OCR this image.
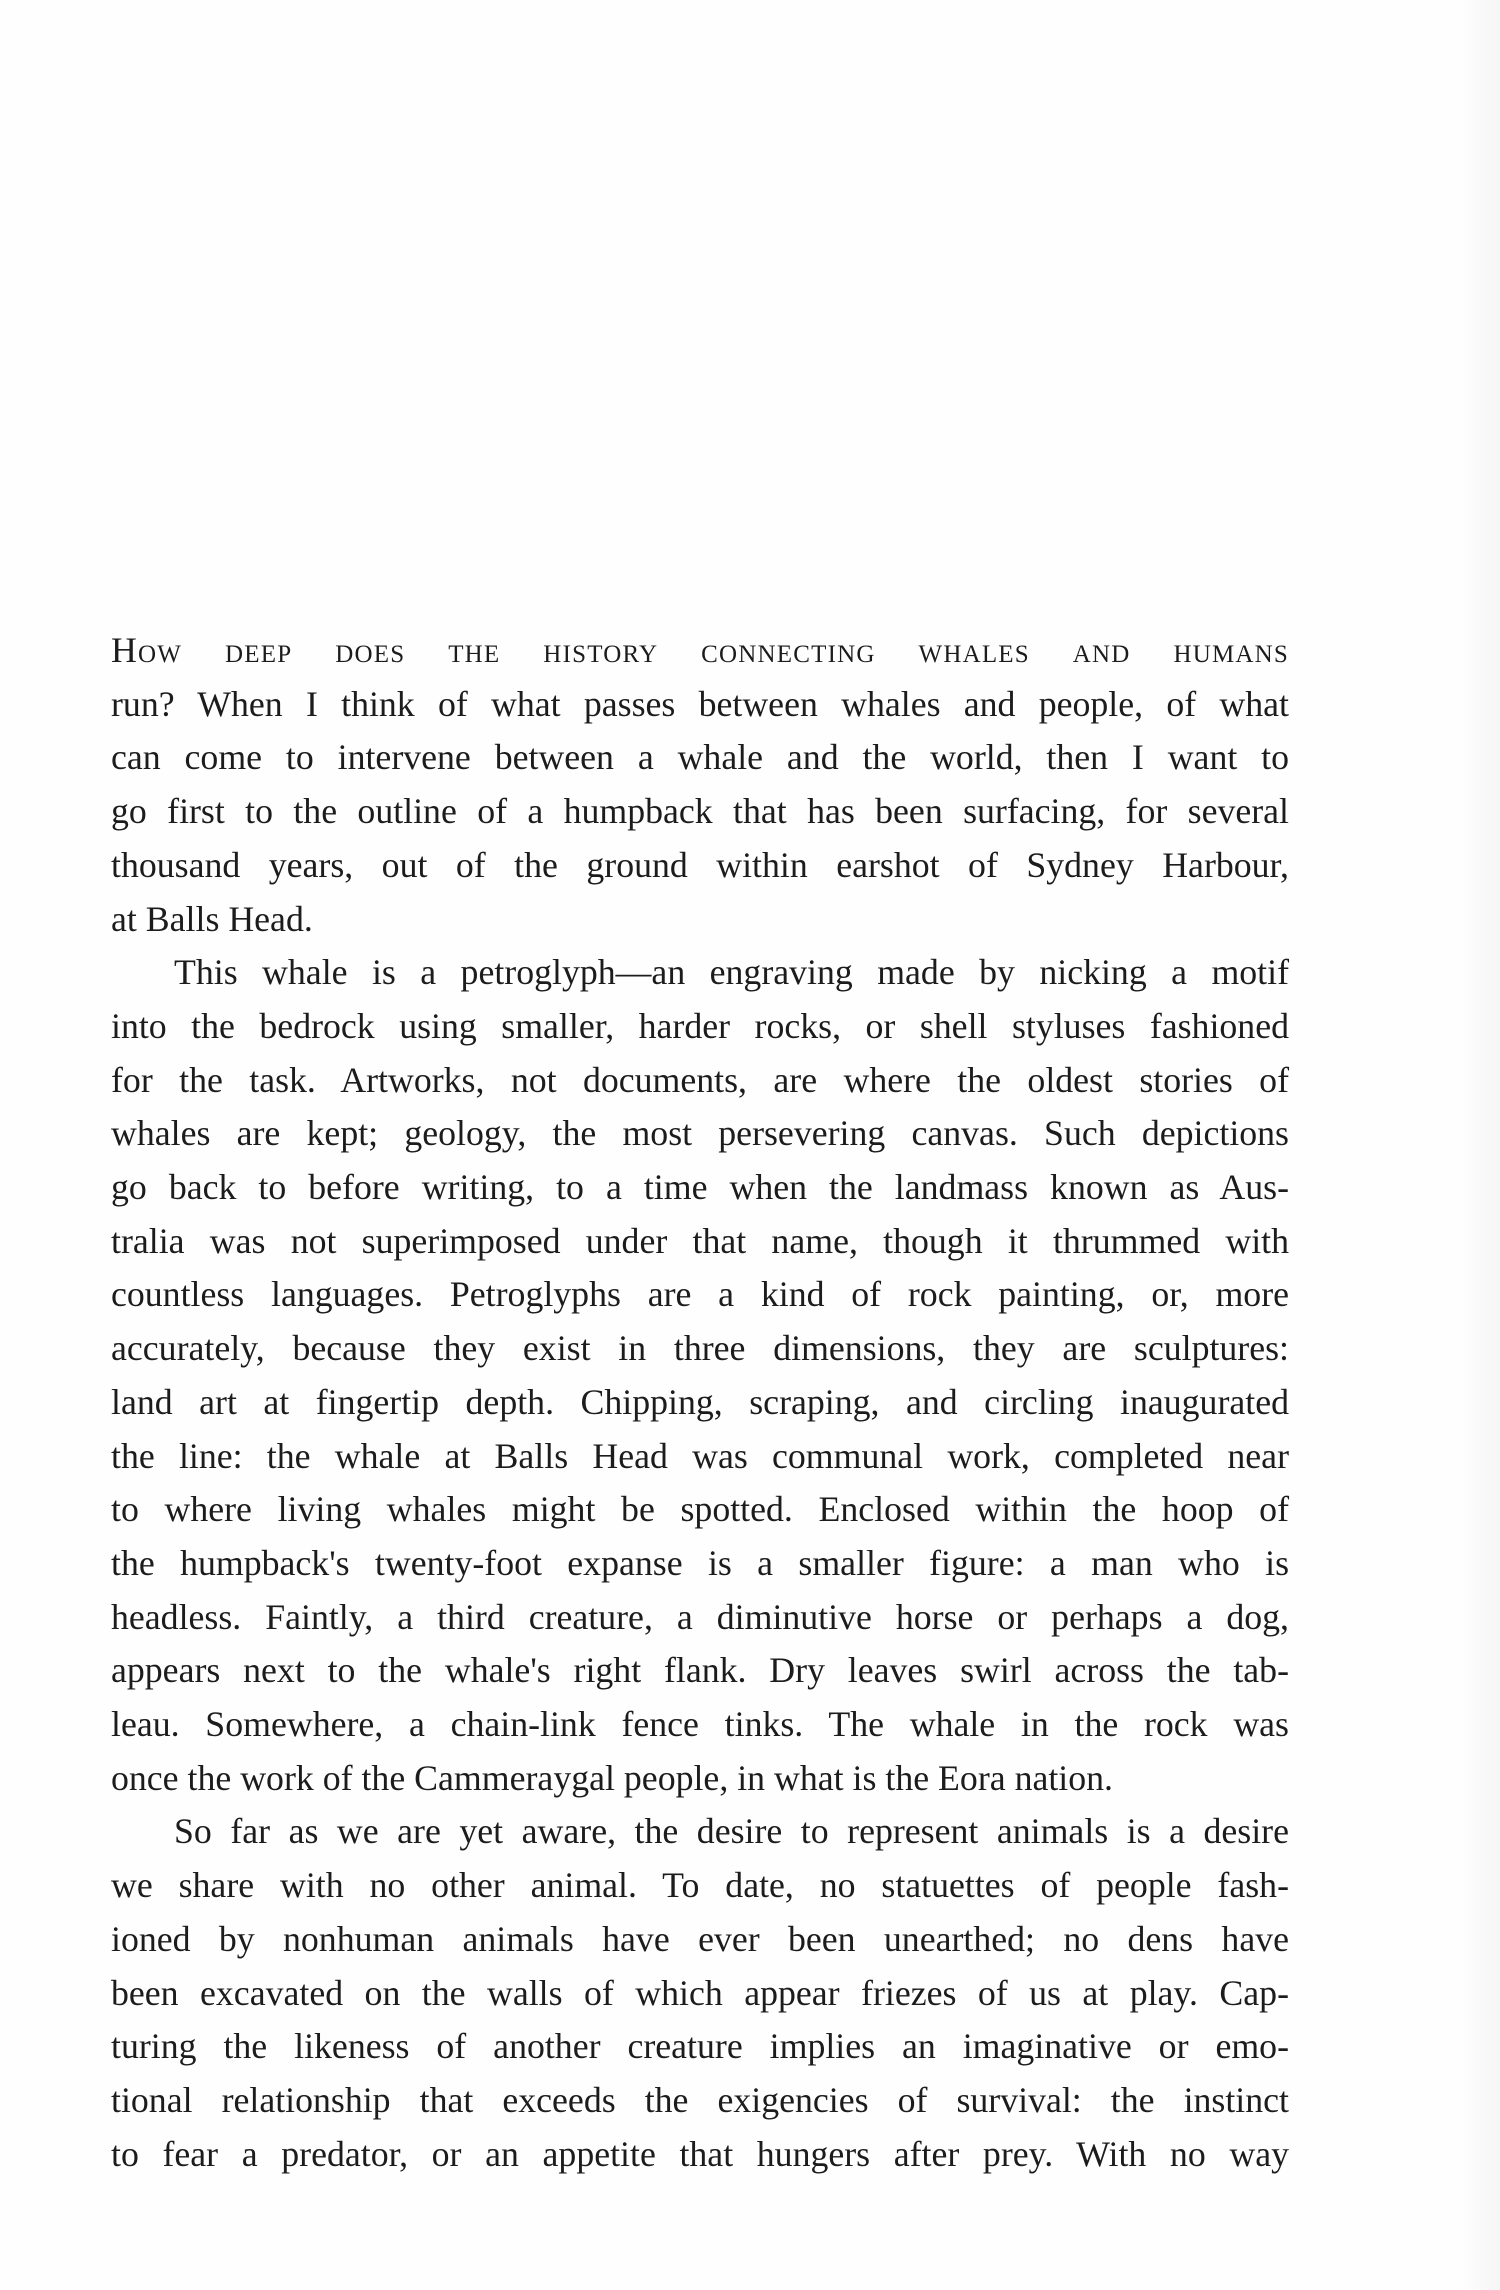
How deep does the history connecting whales and humans
run? When I think of what passes between whales and people, of what
can come to intervene between a whale and the world, then I want to
go first to the outline of a humpback that has been surfacing, for several
thousand years, out of the ground within earshot of Sydney Harbour,
at Balls Head.
This whale is a petroglyph—an engraving made by nicking a motif
into the bedrock using smaller, harder rocks, or shell styluses fashioned
for the task. Artworks, not documents, are where the oldest stories of
whales are kept; geology, the most persevering canvas. Such depictions
go back to before writing, to a time when the landmass known as Aus-
tralia was not superimposed under that name, though it thrummed with
countless languages. Petroglyphs are a kind of rock painting, or, more
accurately, because they exist in three dimensions, they are sculptures:
land art at fingertip depth. Chipping, scraping, and circling inaugurated
the line: the whale at Balls Head was communal work, completed near
to where living whales might be spotted. Enclosed within the hoop of
the humpback's twenty-foot expanse is a smaller figure: a man who is
headless. Faintly, a third creature, a diminutive horse or perhaps a dog,
appears next to the whale's right flank. Dry leaves swirl across the tab-
leau. Somewhere, a chain-link fence tinks. The whale in the rock was
once the work of the Cammeraygal people, in what is the Eora nation.
So far as we are yet aware, the desire to represent animals is a desire
we share with no other animal. To date, no statuettes of people fash-
ioned by nonhuman animals have ever been unearthed; no dens have
been excavated on the walls of which appear friezes of us at play. Cap-
turing the likeness of another creature implies an imaginative or emo-
tional relationship that exceeds the exigencies of survival: the instinct
to fear a predator, or an appetite that hungers after prey. With no way
